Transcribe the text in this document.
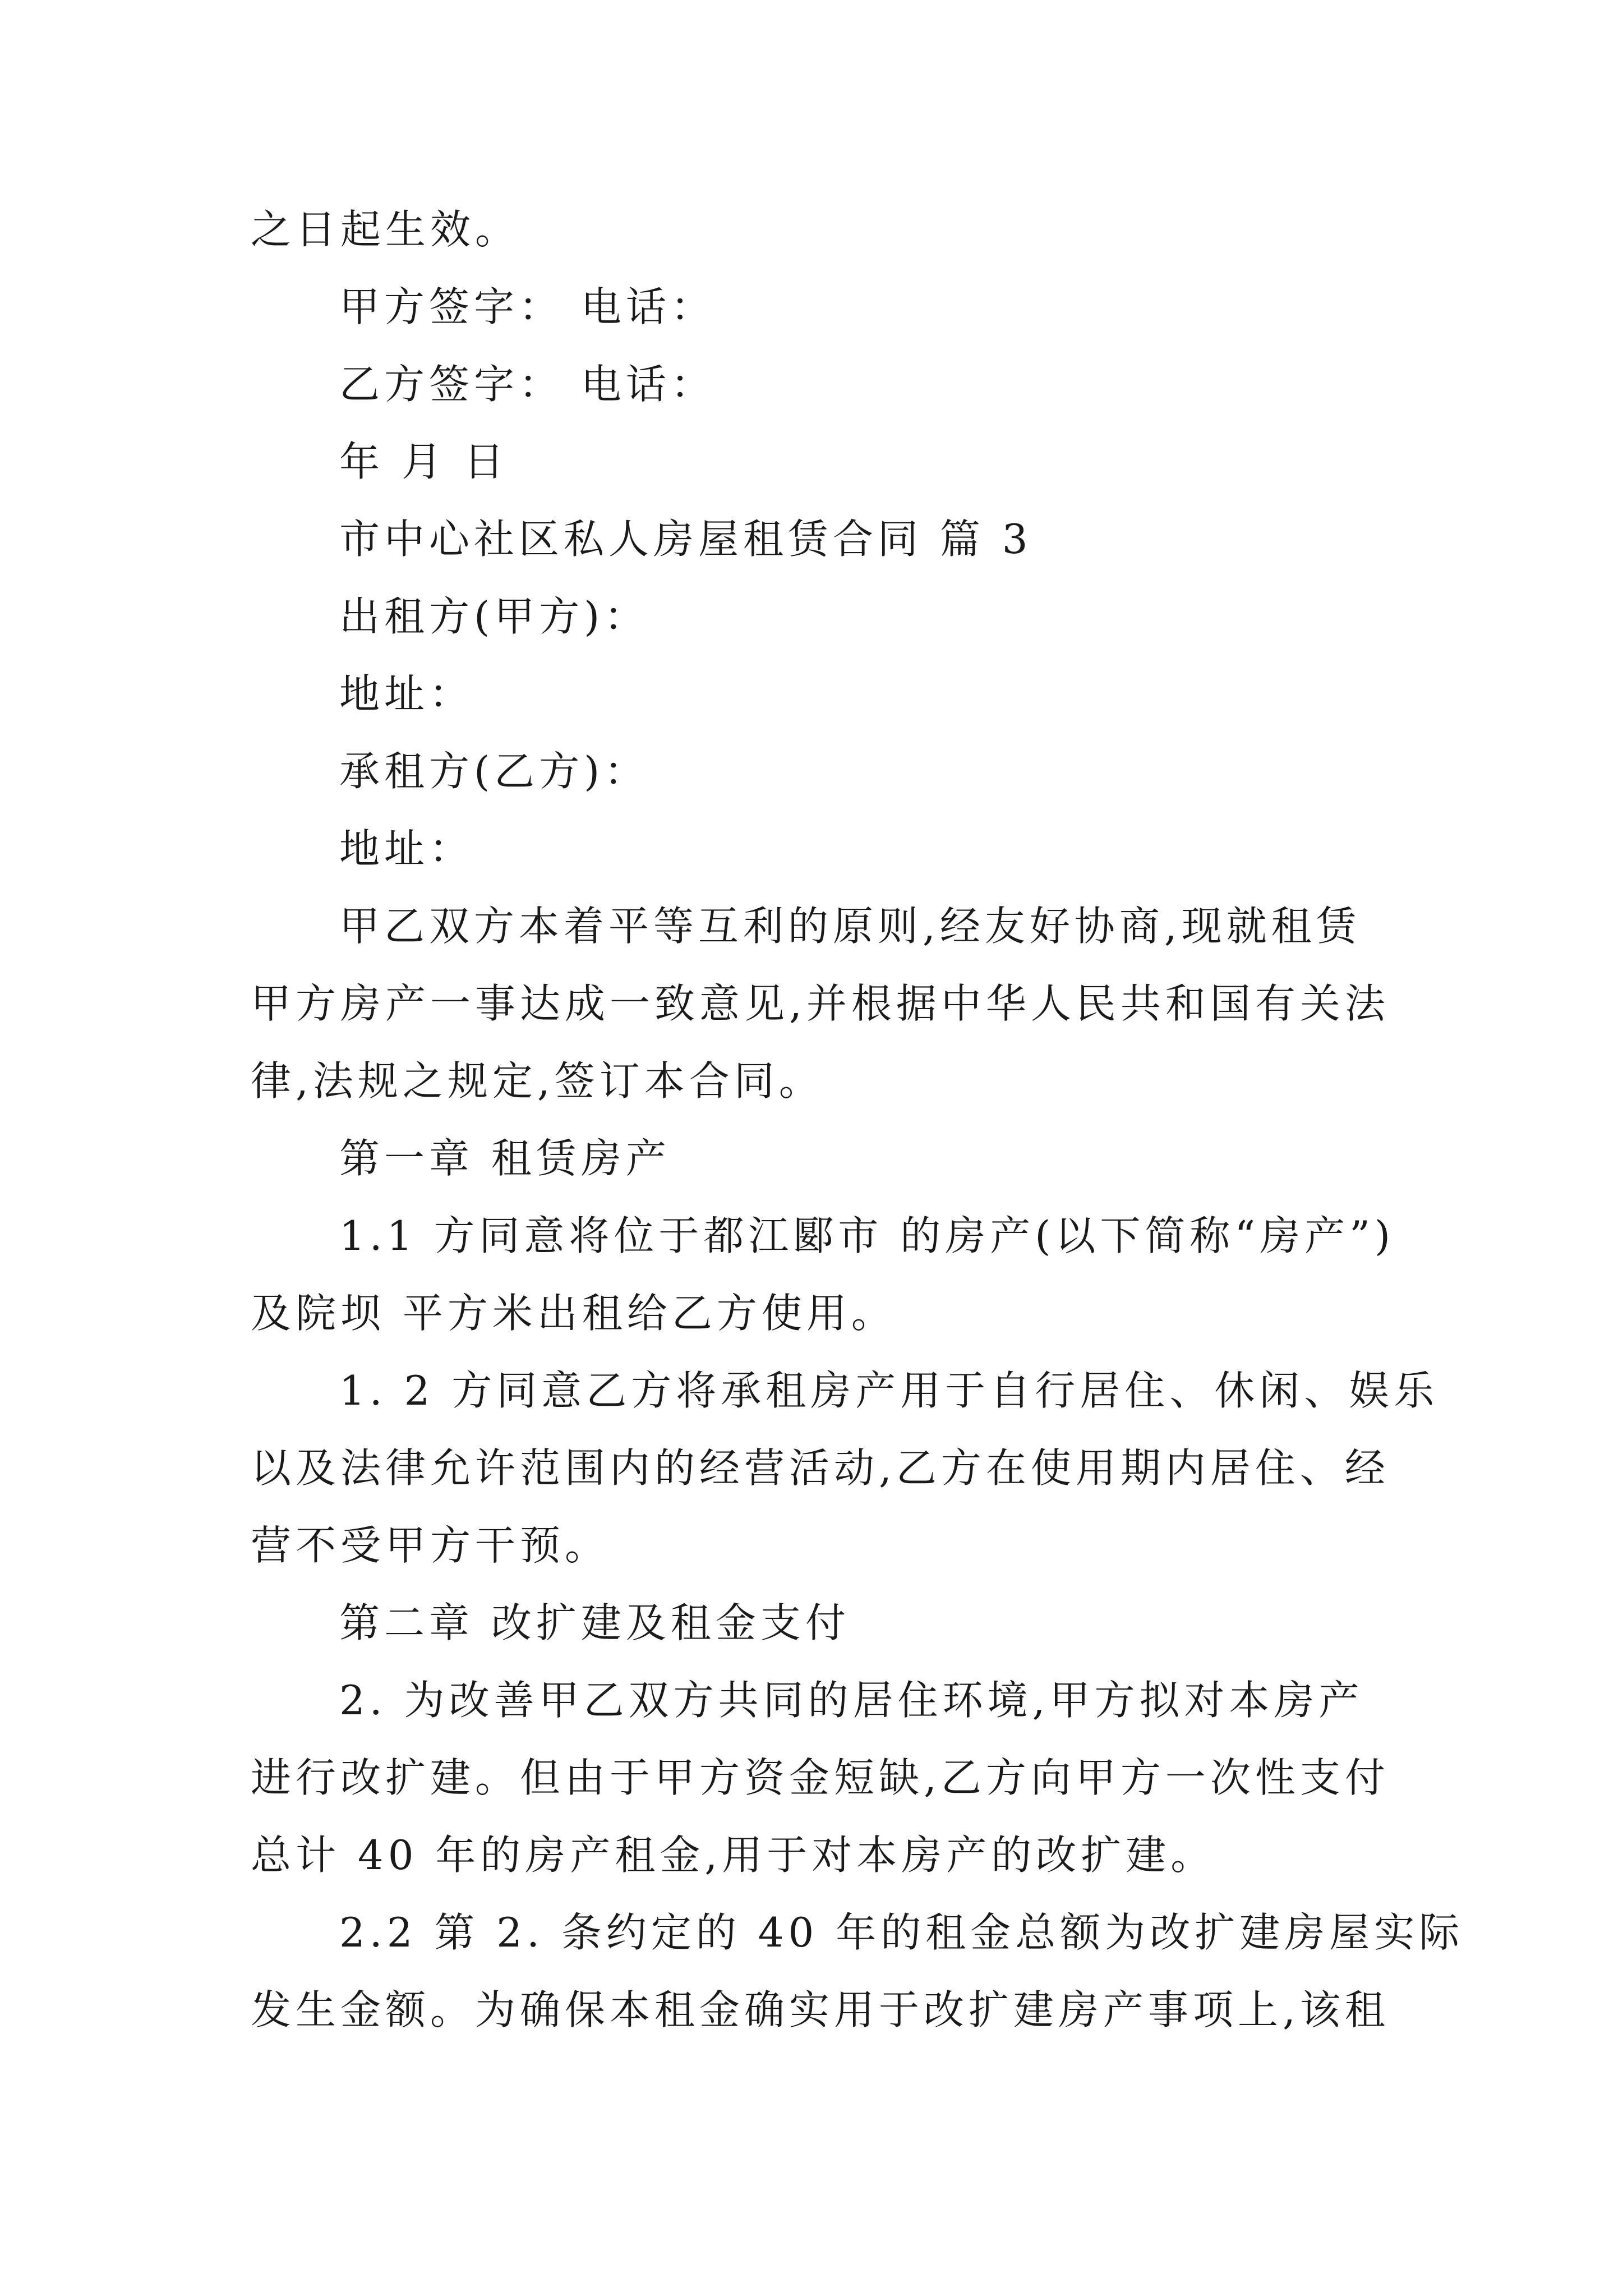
之日起生效。

甲方签字： 电话：

乙方签字： 电话：

年 月 日

市中心社区私人房屋租赁合同 篇 3

出租方(甲方)：

地址：

承租方(乙方)：

地址：

甲乙双方本着平等互利的原则,经友好协商,现就租赁

甲方房产一事达成一致意见,并根据中华人民共和国有关法

律,法规之规定,签订本合同。

第一章 租赁房产

1.1 方同意将位于都江郾市 的房产(以下简称“房产”)

及院坝 平方米出租给乙方使用。

1. 2 方同意乙方将承租房产用于自行居住、休闲、娱乐

以及法律允许范围内的经营活动,乙方在使用期内居住、经

营不受甲方干预。

第二章 改扩建及租金支付

2. 为改善甲乙双方共同的居住环境,甲方拟对本房产

进行改扩建。但由于甲方资金短缺,乙方向甲方一次性支付

总计 40 年的房产租金,用于对本房产的改扩建。

2.2 第 2. 条约定的 40 年的租金总额为改扩建房屋实际

发生金额。为确保本租金确实用于改扩建房产事项上,该租
